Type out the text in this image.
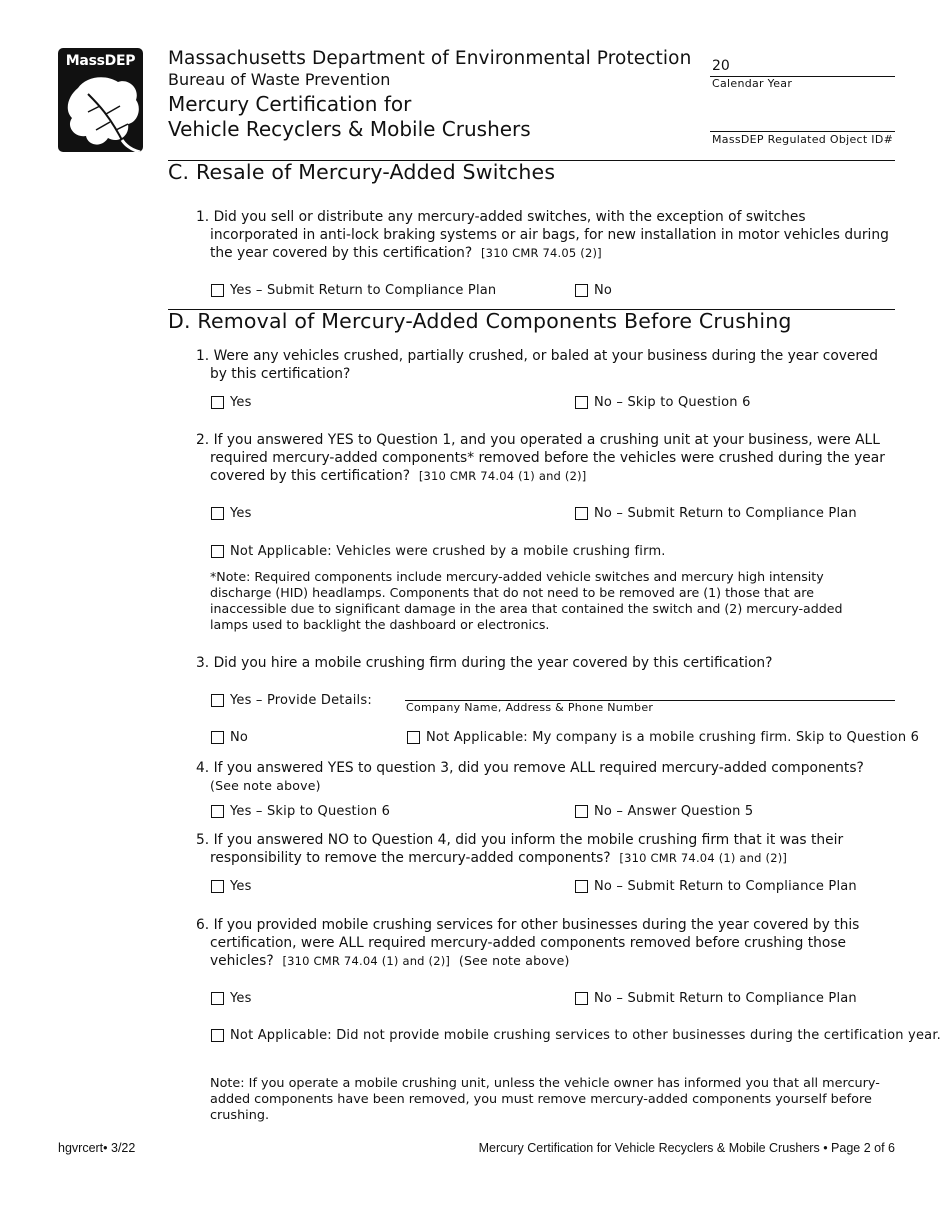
MassDEP	Massachusetts Department of Environmental Protection
Bureau of Waste Prevention
Mercury Certification for
Vehicle Recyclers & Mobile Crushers
20
Calendar Year
MassDEP Regulated Object ID#
C. Resale of Mercury-Added Switches
1. Did you sell or distribute any mercury-added switches, with the exception of switches incorporated in anti-lock braking systems or air bags, for new installation in motor vehicles during the year covered by this certification? [310 CMR 74.05 (2)]
Yes – Submit Return to Compliance Plan	No
D. Removal of Mercury-Added Components Before Crushing
1. Were any vehicles crushed, partially crushed, or baled at your business during the year covered by this certification?
Yes	No – Skip to Question 6
2. If you answered YES to Question 1, and you operated a crushing unit at your business, were ALL required mercury-added components* removed before the vehicles were crushed during the year covered by this certification? [310 CMR 74.04 (1) and (2)]
Yes	No – Submit Return to Compliance Plan
Not Applicable: Vehicles were crushed by a mobile crushing firm.
*Note: Required components include mercury-added vehicle switches and mercury high intensity discharge (HID) headlamps. Components that do not need to be removed are (1) those that are inaccessible due to significant damage in the area that contained the switch and (2) mercury-added lamps used to backlight the dashboard or electronics.
3. Did you hire a mobile crushing firm during the year covered by this certification?
Yes – Provide Details:	Company Name, Address & Phone Number
No	Not Applicable: My company is a mobile crushing firm. Skip to Question 6
4. If you answered YES to question 3, did you remove ALL required mercury-added components?
(See note above)
Yes – Skip to Question 6	No – Answer Question 5
5. If you answered NO to Question 4, did you inform the mobile crushing firm that it was their responsibility to remove the mercury-added components? [310 CMR 74.04 (1) and (2)]
Yes	No – Submit Return to Compliance Plan
6. If you provided mobile crushing services for other businesses during the year covered by this certification, were ALL required mercury-added components removed before crushing those vehicles? [310 CMR 74.04 (1) and (2)] (See note above)
Yes	No – Submit Return to Compliance Plan
Not Applicable: Did not provide mobile crushing services to other businesses during the certification year.
Note: If you operate a mobile crushing unit, unless the vehicle owner has informed you that all mercury-added components have been removed, you must remove mercury-added components yourself before crushing.
hgvrcert• 3/22	Mercury Certification for Vehicle Recyclers & Mobile Crushers • Page 2 of 6
